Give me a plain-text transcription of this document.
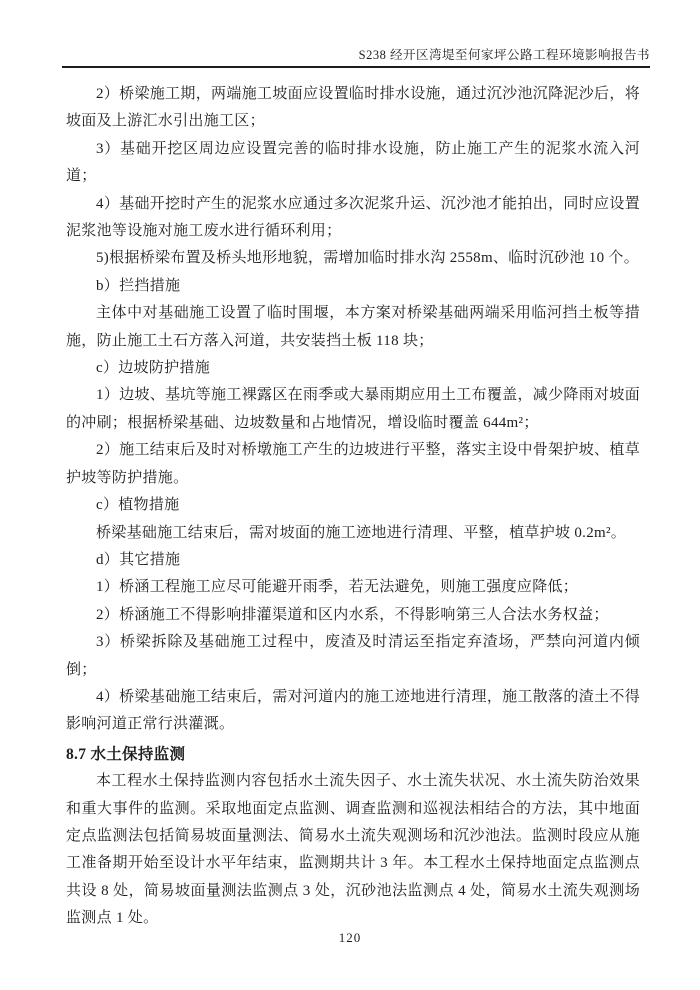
S238 经开区湾堤至何家坪公路工程环境影响报告书

2）桥梁施工期，两端施工坡面应设置临时排水设施，通过沉沙池沉降泥沙后，将坡面及上游汇水引出施工区；

3）基础开挖区周边应设置完善的临时排水设施，防止施工产生的泥浆水流入河道；

4）基础开挖时产生的泥浆水应通过多次泥浆升运、沉沙池才能拍出，同时应设置泥浆池等设施对施工废水进行循环利用；

5)根据桥梁布置及桥头地形地貌，需增加临时排水沟 2558m、临时沉砂池 10 个。

b）拦挡措施

主体中对基础施工设置了临时围堰，本方案对桥梁基础两端采用临河挡土板等措施，防止施工土石方落入河道，共安装挡土板 118 块；

c）边坡防护措施

1）边坡、基坑等施工裸露区在雨季或大暴雨期应用土工布覆盖，减少降雨对坡面的冲刷；根据桥梁基础、边坡数量和占地情况，增设临时覆盖 644m²；

2）施工结束后及时对桥墩施工产生的边坡进行平整，落实主设中骨架护坡、植草护坡等防护措施。

c）植物措施

桥梁基础施工结束后，需对坡面的施工迹地进行清理、平整，植草护坡 0.2m²。

d）其它措施

1）桥涵工程施工应尽可能避开雨季，若无法避免，则施工强度应降低；

2）桥涵施工不得影响排灌渠道和区内水系，不得影响第三人合法水务权益；

3）桥梁拆除及基础施工过程中，废渣及时清运至指定弃渣场，严禁向河道内倾倒；

4）桥梁基础施工结束后，需对河道内的施工迹地进行清理，施工散落的渣土不得影响河道正常行洪灌溉。

8.7 水土保持监测

本工程水土保持监测内容包括水土流失因子、水土流失状况、水土流失防治效果和重大事件的监测。采取地面定点监测、调查监测和巡视法相结合的方法，其中地面定点监测法包括简易坡面量测法、简易水土流失观测场和沉沙池法。监测时段应从施工准备期开始至设计水平年结束，监测期共计 3 年。本工程水土保持地面定点监测点共设 8 处，简易坡面量测法监测点 3 处，沉砂池法监测点 4 处，简易水土流失观测场监测点 1 处。

120
